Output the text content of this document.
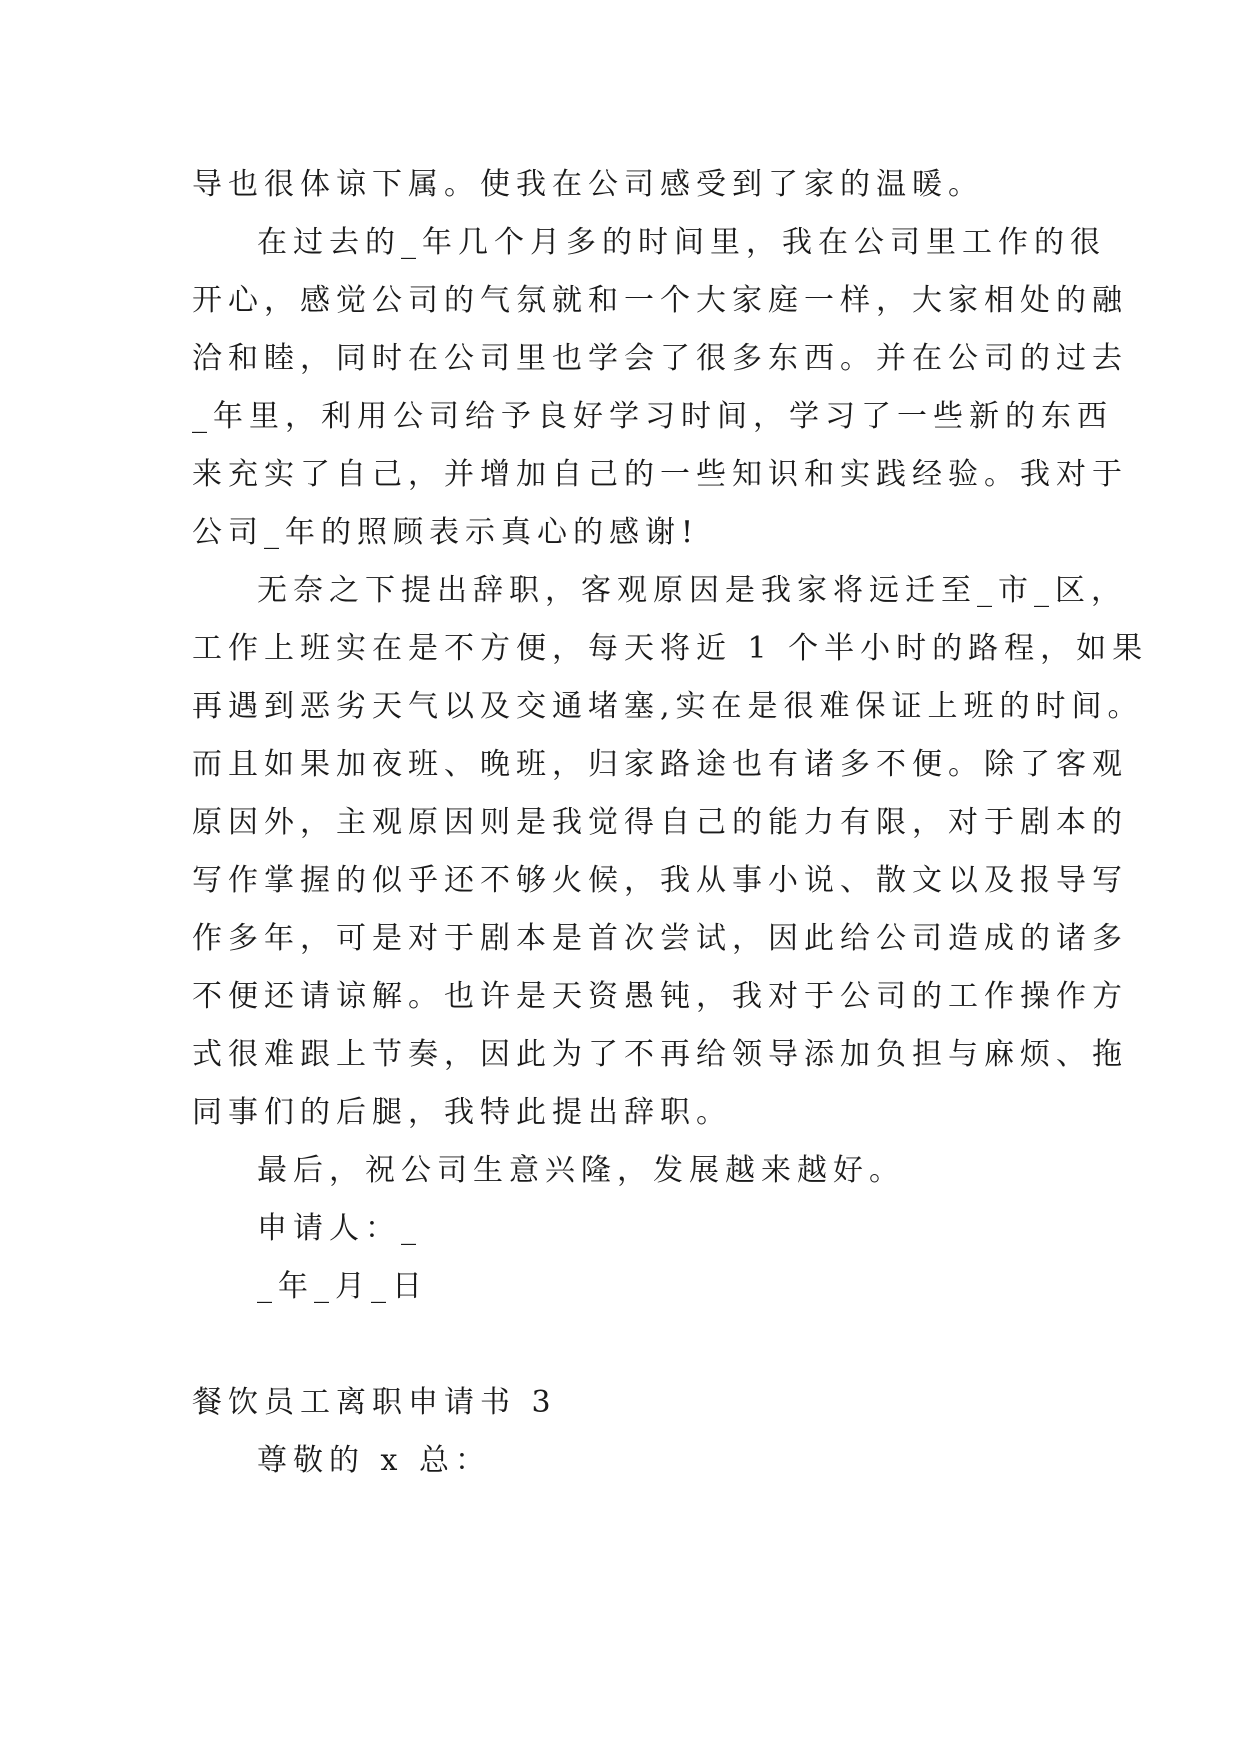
导也很体谅下属。使我在公司感受到了家的温暖。
在过去的_年几个月多的时间里，我在公司里工作的很
开心，感觉公司的气氛就和一个大家庭一样，大家相处的融
洽和睦，同时在公司里也学会了很多东西。并在公司的过去
_年里，利用公司给予良好学习时间，学习了一些新的东西
来充实了自己，并增加自己的一些知识和实践经验。我对于
公司_年的照顾表示真心的感谢!
无奈之下提出辞职，客观原因是我家将远迁至_市_区，
工作上班实在是不方便，每天将近 1 个半小时的路程，如果
再遇到恶劣天气以及交通堵塞,实在是很难保证上班的时间。
而且如果加夜班、晚班，归家路途也有诸多不便。除了客观
原因外，主观原因则是我觉得自己的能力有限，对于剧本的
写作掌握的似乎还不够火候，我从事小说、散文以及报导写
作多年，可是对于剧本是首次尝试，因此给公司造成的诸多
不便还请谅解。也许是天资愚钝，我对于公司的工作操作方
式很难跟上节奏，因此为了不再给领导添加负担与麻烦、拖
同事们的后腿，我特此提出辞职。
最后，祝公司生意兴隆，发展越来越好。
申请人：_
_年_月_日
餐饮员工离职申请书 3
尊敬的 x 总：
